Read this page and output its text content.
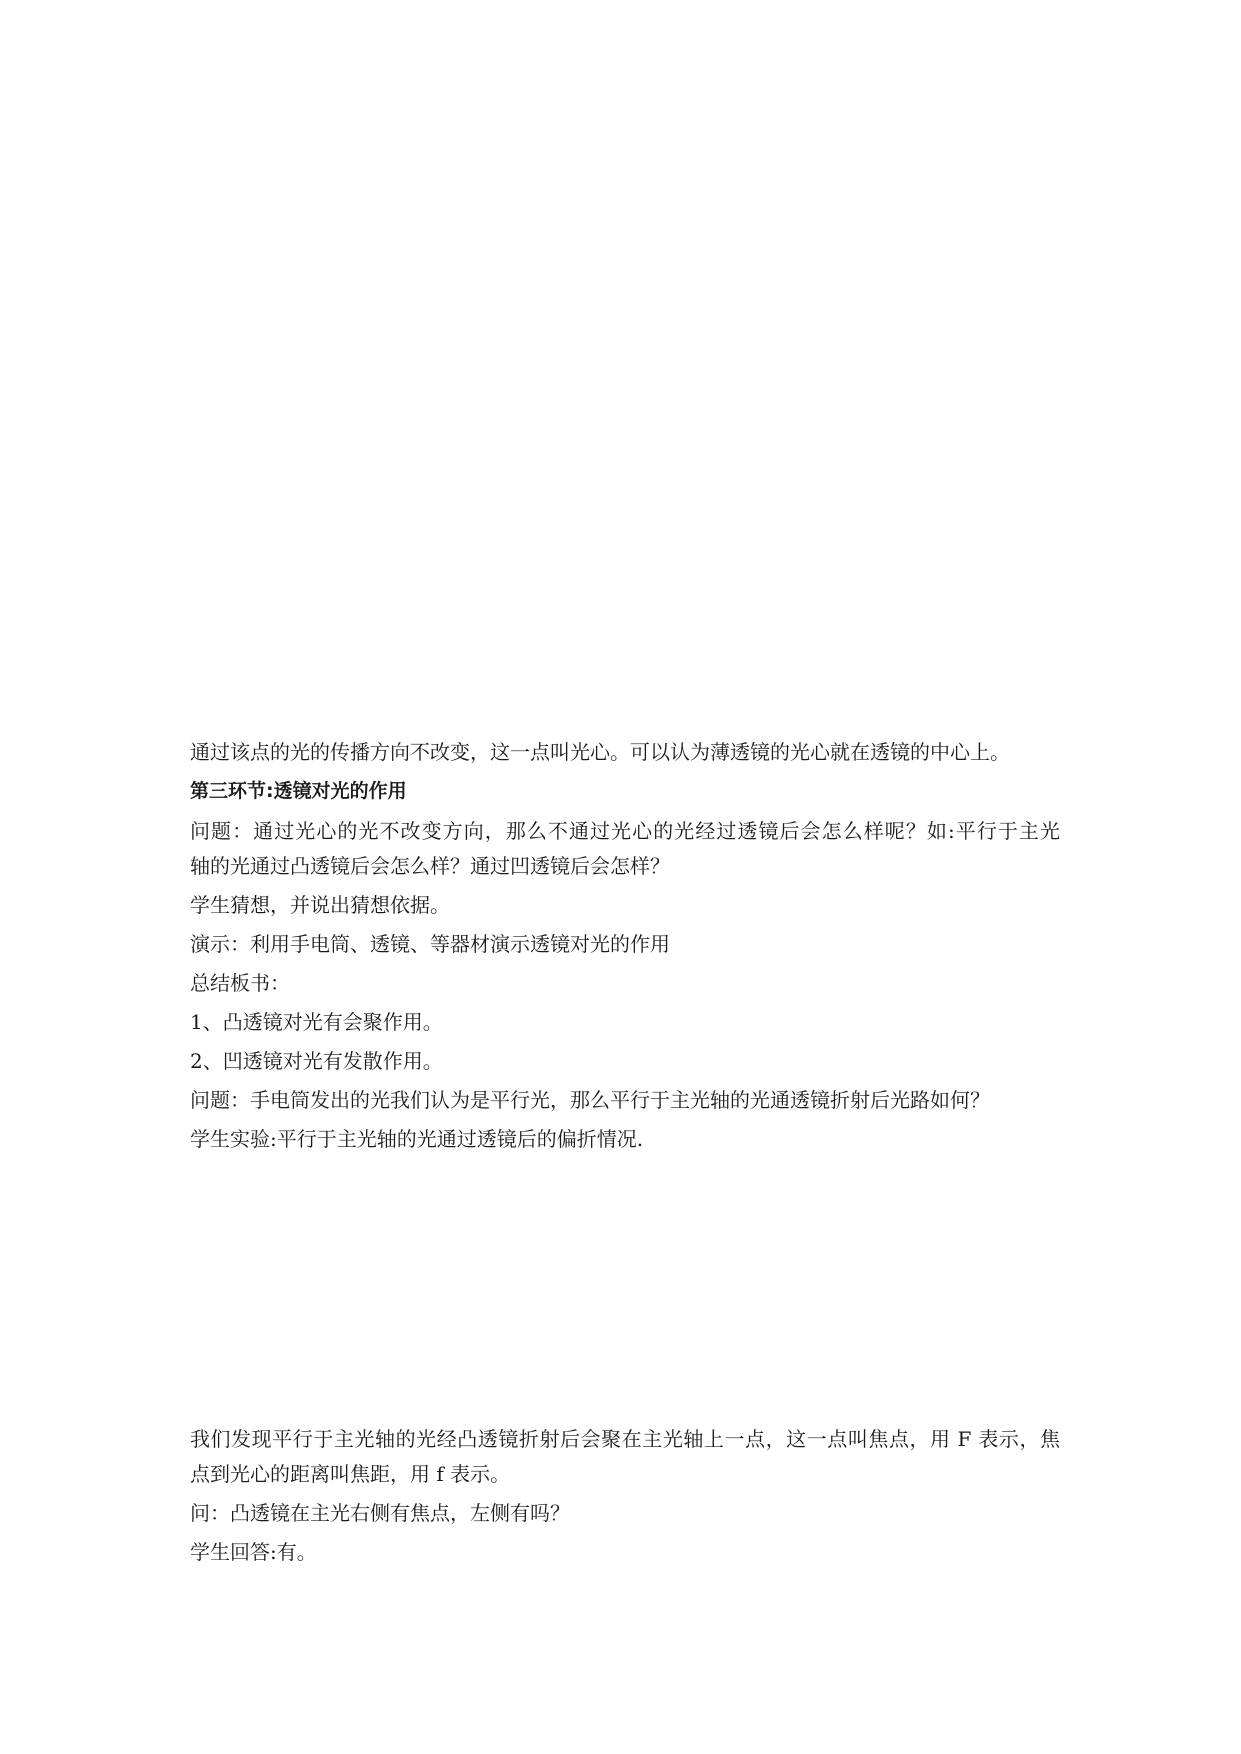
通过该点的光的传播方向不改变，这一点叫光心。可以认为薄透镜的光心就在透镜的中心上。
第三环节:透镜对光的作用
问题：通过光心的光不改变方向，那么不通过光心的光经过透镜后会怎么样呢？如:平行于主光
轴的光通过凸透镜后会怎么样？通过凹透镜后会怎样？
学生猜想，并说出猜想依据。
演示：利用手电筒、透镜、等器材演示透镜对光的作用
总结板书：
1、凸透镜对光有会聚作用。
2、凹透镜对光有发散作用。
问题：手电筒发出的光我们认为是平行光，那么平行于主光轴的光通透镜折射后光路如何？
学生实验:平行于主光轴的光通过透镜后的偏折情况.
我们发现平行于主光轴的光经凸透镜折射后会聚在主光轴上一点，这一点叫焦点，用 F 表示，焦
点到光心的距离叫焦距，用 f 表示。
问：凸透镜在主光右侧有焦点，左侧有吗？
学生回答:有。
